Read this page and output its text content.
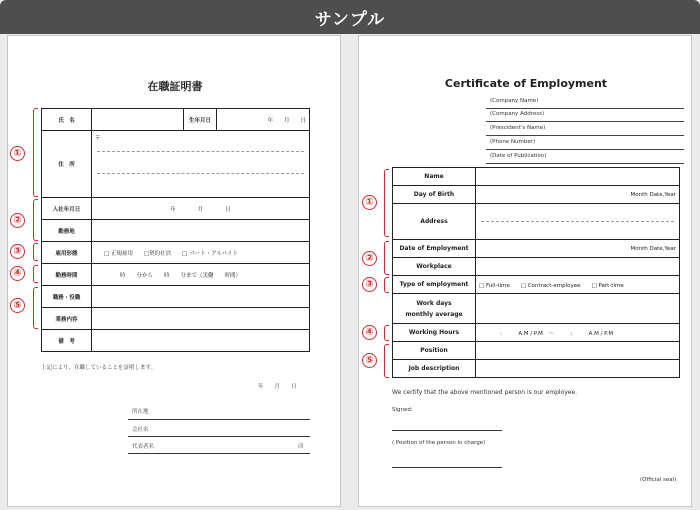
サンプル
在職証明書
氏　名		生年月日	年　　月　　日
住　所	〒		

入社年月日	年　　　　月　　　　日		
勤務地			
雇用形態	□ 正規雇用　　□契約社員　　□ パート・アルバイト		
勤務時間	時　　分から　　時　　分まで（実働　　時間）		
職務・役職			
業務内容			
備　考			
①
②
③
④
⑤
上記により、在職していることを証明します。
年　　月　　日
所在地
会社名
代表者名	印
Certificate of Employment
(Company Name)
(Company Address)
(Prescident's Name)
(Phone Number)
(Date of Publication)
Name	
Day of Birth	Month Date,Year
Address	

Date of Employment	Month Date,Year
Workplace	
Type of employment	□ Full-time　　□ Contract-employee　　□ Part-time

Work days
monthly average	

Working Hours	:　　　A.M / P.M　～　　　:　　　A.M / P.M
Position	
Job description	
①
②
③
④
⑤
We certify that the above mentioned person is our employee.
Signed:
( Position of the person in charge)
(Official seal)
